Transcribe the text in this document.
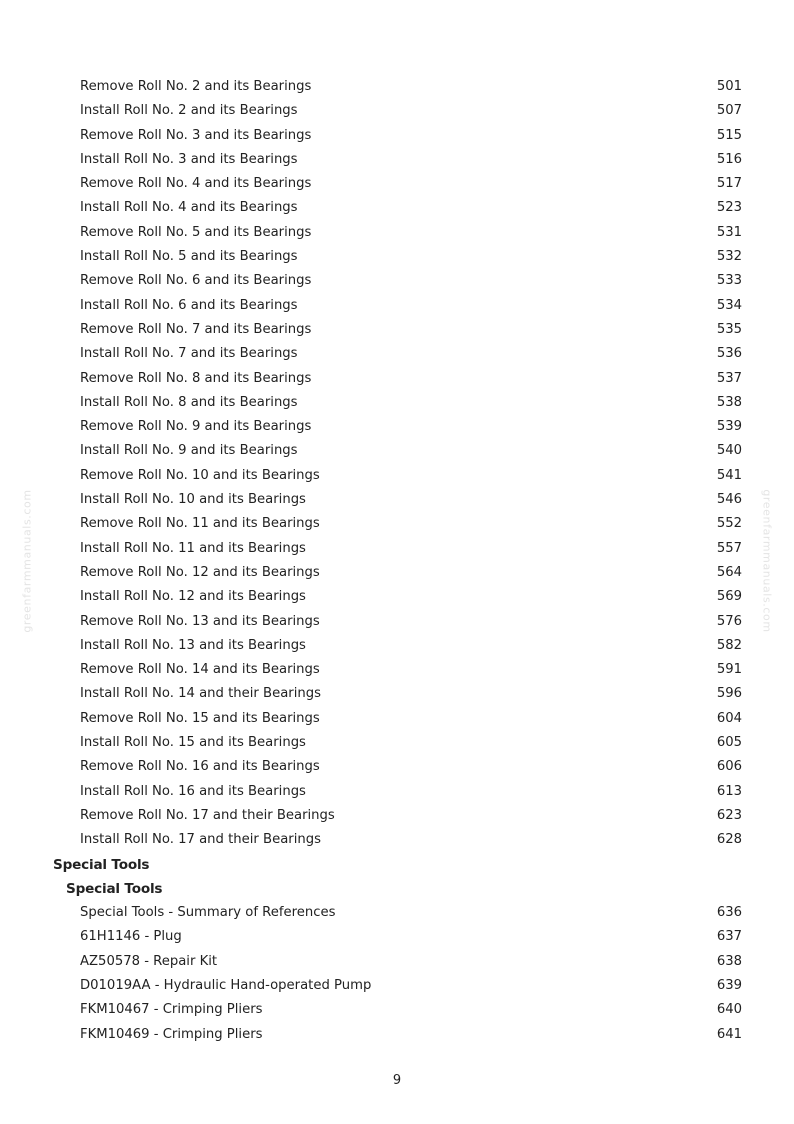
greenfarmmanuals.com	greenfarmmanuals.com
Remove Roll No. 2 and its Bearings	501
Install Roll No. 2 and its Bearings	507
Remove Roll No. 3 and its Bearings	515
Install Roll No. 3 and its Bearings	516
Remove Roll No. 4 and its Bearings	517
Install Roll No. 4 and its Bearings	523
Remove Roll No. 5 and its Bearings	531
Install Roll No. 5 and its Bearings	532
Remove Roll No. 6 and its Bearings	533
Install Roll No. 6 and its Bearings	534
Remove Roll No. 7 and its Bearings	535
Install Roll No. 7 and its Bearings	536
Remove Roll No. 8 and its Bearings	537
Install Roll No. 8 and its Bearings	538
Remove Roll No. 9 and its Bearings	539
Install Roll No. 9 and its Bearings	540
Remove Roll No. 10 and its Bearings	541
Install Roll No. 10 and its Bearings	546
Remove Roll No. 11 and its Bearings	552
Install Roll No. 11 and its Bearings	557
Remove Roll No. 12 and its Bearings	564
Install Roll No. 12 and its Bearings	569
Remove Roll No. 13 and its Bearings	576
Install Roll No. 13 and its Bearings	582
Remove Roll No. 14 and its Bearings	591
Install Roll No. 14 and their Bearings	596
Remove Roll No. 15 and its Bearings	604
Install Roll No. 15 and its Bearings	605
Remove Roll No. 16 and its Bearings	606
Install Roll No. 16 and its Bearings	613
Remove Roll No. 17 and their Bearings	623
Install Roll No. 17 and their Bearings	628
Special Tools
Special Tools
Special Tools - Summary of References	636
61H1146 - Plug	637
AZ50578 - Repair Kit	638
D01019AA - Hydraulic Hand-operated Pump	639
FKM10467 - Crimping Pliers	640
FKM10469 - Crimping Pliers	641
9
